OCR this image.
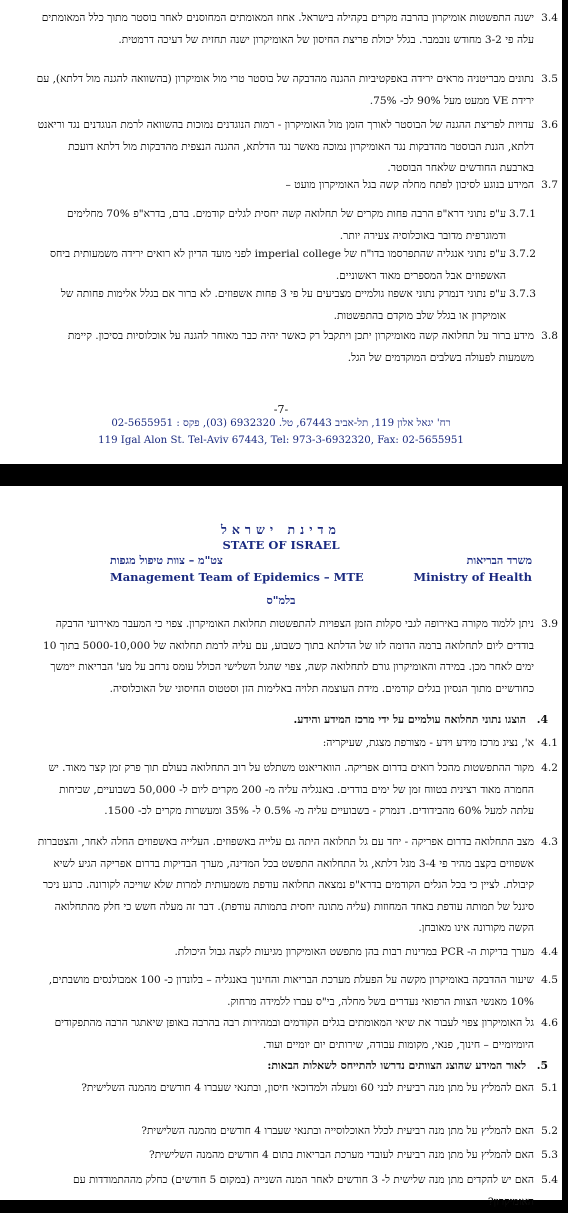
3.4
ישנה התפשטות אומיקרון בהרבה מקרים בקהילה בישראל. אחוז המאומתים המחוסנים לאחר בוסטר מתוך כלל המאומתים עלה פי 3-2 מחודש נובמבר. בגלל יכולת פריצת החיסון של האומיקרון ישנה תחזית של דעיכה דרמטית.
3.5
נתונים מבריטניה מראים ירידה באפקטיביות ההגנה מהדבקה של בוסטר טרי מול אומיקרון (בהשוואה להגנה מול דלתא), עם ירידת VE ממעט מעל 90% לכ- 75%.
3.6
עדויות לפריצת ההגנה של הבוסטר לאורך הזמן מול האומיקרון - רמות הנוגדנים נמוכות בהשוואה לרמת הנוגדנים נגד וריאנט דלתא, הגנת הבוסטר מהדבקות נגד האומיקרון נמוכה מאשר נגד הדלתא, ההגנה הנצפית מהדבקות מול דלתא דועכת בארבעת החודשים שלאחר הבוסטר.
3.7
המידע בנוגע לסיכון לפתח מחלה קשה בגל האומיקרון מועט –
3.7.1
ע"פ נתוני דרא"פ הרבה פחות מקרים של תחלואה קשה יחסית לגלים קודמים. ברם, בדרא"פ 70% מחלימים ודמוגרפית מדובר באוכלוסיה צעירה יותר.
3.7.2
ע"פ נתוני אנגליה שהתפרסמו בדו"ח של imperial college לפני מועד הדיון לא רואים ירידה משמעותית ביחס האשפוזים אבל המספרים מאוד ראשוניים.
3.7.3
ע"פ נתוני דנמרק נתוני אשפוז גולמיים מצביעים על פי 3 פחות אשפוזים. לא ברור אם בגלל אלימות פחותה של אומיקרון או בגלל שלב מוקדם בהתפשטות.
3.8
מידע ברור על תחלואה קשה מאומיקרון יתכן ויתקבל רק כאשר יהיה כבר מאוחר להגנה על אוכלוסיות בסיכון. קיימת משמעות לפעולה בשלבים המוקדמים של הגל.
-7-
רח' יגאל אלון 119, תל-אביב 67443, טל. 6932320 (03), פקס : 02-5655951
119 Igal Alon St. Tel-Aviv 67443, Tel: 973-3-6932320, Fax: 02-5655951
מדינת ישראל
STATE OF ISRAEL
משרד הבריאות
Ministry of Health
צט"מ – צוות טיפול מגפות
Management Team of Epidemics – MTE
בלמ"ס
3.9
ניתן ללמוד מקורה באירופה לגבי סקלות הזמן הצפויות להתפשטות תחלואת האומיקרון. צפוי כי המעבר מאירועי הדבקה בודדים ליום לתחלואה ברמה הדומה לזו של הדלתא בתוך כשבוע, עם עליה לרמת תחלואה של 5000-10,000 בתוך 10 ימים לאחר מכן. במידה והאומיקרון גורם לתחלואה קשה, צפוי שהגל השלישי הכולל עומס נרחב על מע' הבריאות יימשך כחודשיים מתוך הנסיון בגלים קודמים. מידת העוצמה תלויה באלימות הזן וסטטוס החיסוני של האוכלוסיה.
4.
הוצגו נתוני תחלואה עולמיים על ידי מרכז המידע והידע.
4.1
א', נציג מרכז מידע וידע - מצורפת מצגת, שעיקריה:
4.2
מקור ההתפשטות מהכל רואים בדרום אפריקה. הוואריאנט משתלט על רוב התחלואה בעולם תוך פרק זמן קצר מאוד. יש החמרה מאוד רצינית בטווח זמן של ימים בודדים. באנגליה עליה מ- 200 מקרים ליום ל- 50,000 בשבועיים, שכיחות עלתה למעל 60% מהבידודים. דנמרק - בשבועיים עליה מ- 0.5% ל- 35% ומעשרות מקרים לכ- 1500.
4.3
מצב התחלואה בדרום אפריקה - יחד עם גל תחלואה היתה גם עלייה באשפוזים. העלייה באשפוזים החלה לאחר, והצטברות אשפוזים בקצב מהיר פי 3-4 מגל דלתא, גל התחלואה התפשט בכל המדינה, מערך הבדיקות בדרום אפריקה הגיע לשיא קיבולת. לציין כי בכל הגלים הקודמים בדרא"פ נמצאה תחלואה עודפת משמעותית למרות שלא שוייכה לקורונה. כרגע ניכר סיגנל של תמותה עודפת באחד המחוזות (עליה מתונה יחסית בתמותה עודפת). דבר זה מעלה חשש כי חלק מהתחלואה הקשה מקורונה אינו מאובחן.
4.4
מערך בדיקות ה- PCR במדינות רבות בהן מתפשט האומיקרון מגיעות לקצה גבול היכולת.
4.5
שיעור ההדבקה באומיקרון מקשה על הפעלת מערכת הבריאות והחינוך באנגליה – בלונדון כ- 100 אמבולנסים מושבתים, 10% מאנשי הצוות הרפואי נעדרים בשל מחלה, בי"ס עברו ללמידה מרחוק.
4.6
גל האומיקרון צפוי לעבור את שיאי המאומתים בגלים הקודמים ובמהירות רבה בהרבה באופן שיאתגר הרבה מהתפקודים היומיומיים – חינוך, פנאי, מקומות עבודה, שירותים יום יומיים ועוד.
5.
לאור המידע שהוצג הצוותים נדרשו להתייחס לשאלות הבאות:
5.1
האם להמליץ על מתן מנה רביעית לבני 60 ומעלה ולמדוכאי חיסון, ובתנאי שעברו 4 חודשים מהמנה השלישית?
5.2
האם להמליץ על מתן מנה רביעית לכלל האוכלוסייה ובתנאי שעברו 4 חודשים מהמנה השלישית?
5.3
האם להמליץ על מתן מנה רביעית לעובדי מערכת הבריאות בתום 4 חודשים מהמנה השלישית?
5.4
האם יש להקדים מתן מנה שלישית ל- 3 חודשים לאחר המנה השנייה (במקום 5 חודשים) כחלק מההתמודדות עם האומיקרון?
